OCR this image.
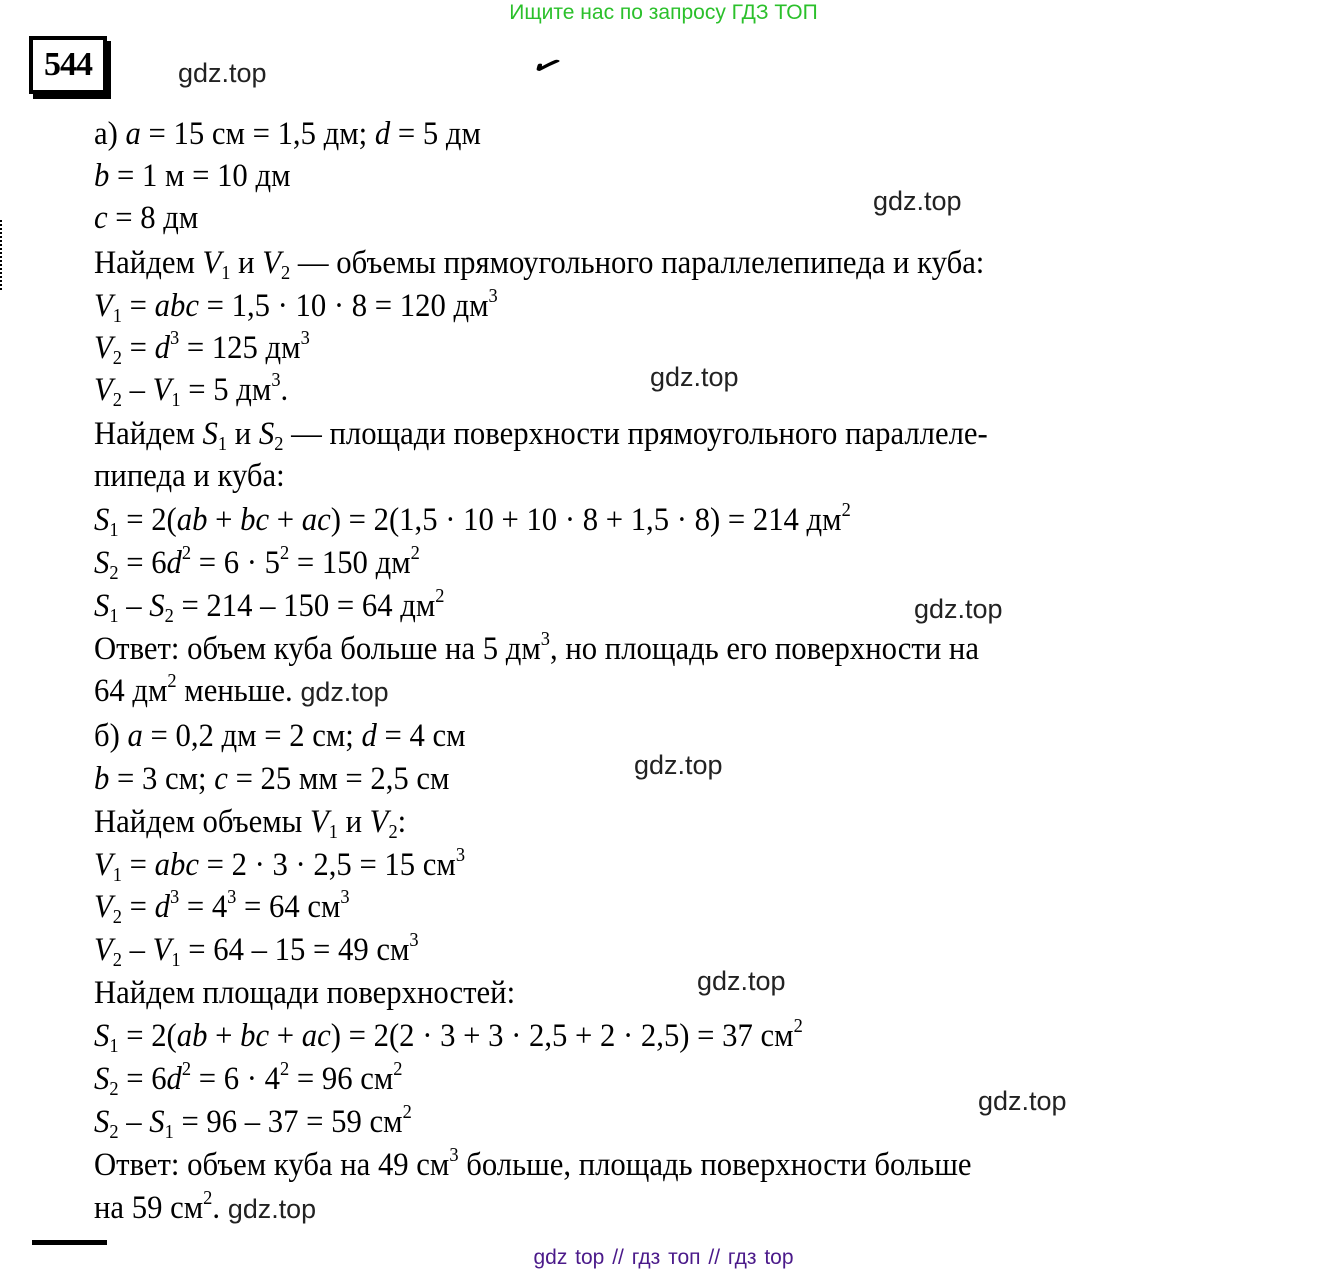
Ищите нас по запросу ГДЗ ТОП
544	✓
gdz.top
gdz.top
gdz.top
gdz.top
gdz.top
gdz.top
gdz.top
а) a = 15 см = 1,5 дм; d = 5 дм
b = 1 м = 10 дм
c = 8 дм
Найдем $V_1$ и $V_2$ — объемы прямоугольного параллелепипеда и куба:
$V_1$ = abc = 1,5 · 10 · 8 = 120 $дм^3$
$V_2 = d^3 = 125$ $дм^3$
$V_2 - V_1 = 5$ $дм^3$.
Найдем $S_1$ и $S_2$ — площади поверхности прямоугольного параллеле-
пипеда и куба:
$S_1 = 2(ab$ + bc + ac) = 2(1,5 · 10 + 10 · 8 + 1,5 · 8) = 214 $дм^2$
$S_2 = 6d^2 = 6 \cdot 5^2 = 150$ $дм^2$
$S_1 - S_2 = 214 - 150 = 64$ $дм^2$
Ответ: объем куба больше на 5 $дм^3$, но площадь его поверхности на
64 $дм^2$ меньше. gdz.top
б) a = 0,2 дм = 2 см; d = 4 см
b = 3 см; c = 25 мм = 2,5 см
Найдем объемы $V_1$ и $V_2$:
$V_1$ = abc = 2 · 3 · 2,5 = 15 $см^3$
$V_2 = d^3 = 4^3 = 64$ $см^3$
$V_2 - V_1 = 64 - 15 = 49$ $см^3$
Найдем площади поверхностей:
$S_1 = 2(ab$ + bc + ac) = 2(2 · 3 + 3 · 2,5 + 2 · 2,5) = 37 $см^2$
$S_2 = 6d^2 = 6 \cdot 4^2 = 96$ $см^2$
$S_2 - S_1 = 96 - 37 = 59$ $см^2$
Ответ: объем куба на 49 $см^3$ больше, площадь поверхности больше
на 59 $см^2$. gdz.top
gdz top // гдз топ // гдз top
